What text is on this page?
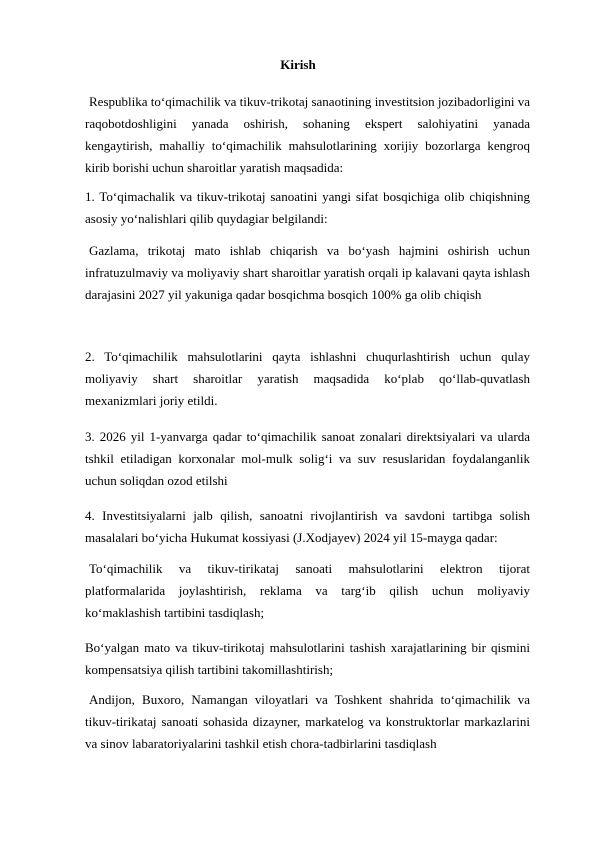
Kirish

Respublika to‘qimachilik va tikuv-trikotaj sanaotining investitsion jozibadorligini va raqobotdoshligini yanada oshirish, sohaning ekspert salohiyatini yanada kengaytirish, mahalliy to‘qimachilik mahsulotlarining xorijiy bozorlarga kengroq kirib borishi uchun sharoitlar yaratish maqsadida:

1. To‘qimachalik va tikuv-trikotaj sanoatini yangi sifat bosqichiga olib chiqishning asosiy yo‘nalishlari qilib quydagiar belgilandi:

Gazlama, trikotaj mato ishlab chiqarish va bo‘yash hajmini oshirish uchun infratuzulmaviy va moliyaviy shart sharoitlar yaratish orqali ip kalavani qayta ishlash darajasini 2027 yil yakuniga qadar bosqichma bosqich 100% ga olib chiqish

2. To‘qimachilik mahsulotlarini qayta ishlashni chuqurlashtirish uchun qulay moliyaviy shart sharoitlar yaratish maqsadida ko‘plab qo‘llab-quvatlash mexanizmlari joriy etildi.

3. 2026 yil 1-yanvarga qadar to‘qimachilik sanoat zonalari direktsiyalari va ularda tshkil etiladigan korxonalar mol-mulk solig‘i va suv resuslaridan foydalanganlik uchun soliqdan ozod etilshi

4. Investitsiyalarni jalb qilish, sanoatni rivojlantirish va savdoni tartibga solish masalalari bo‘yicha Hukumat kossiyasi (J.Xodjayev) 2024 yil 15-mayga qadar:

To‘qimachilik va tikuv-tirikataj sanoati mahsulotlarini elektron tijorat platformalarida joylashtirish, reklama va targ‘ib qilish uchun moliyaviy ko‘maklashish tartibini tasdiqlash;

Bo‘yalgan mato va tikuv-tirikotaj mahsulotlarini tashish xarajatlarining bir qismini kompensatsiya qilish tartibini takomillashtirish;

Andijon, Buxoro, Namangan viloyatlari va Toshkent shahrida to‘qimachilik va tikuv-tirikataj sanoati sohasida dizayner, markatelog va konstruktorlar markazlarini va sinov labaratoriyalarini tashkil etish chora-tadbirlarini tasdiqlash
